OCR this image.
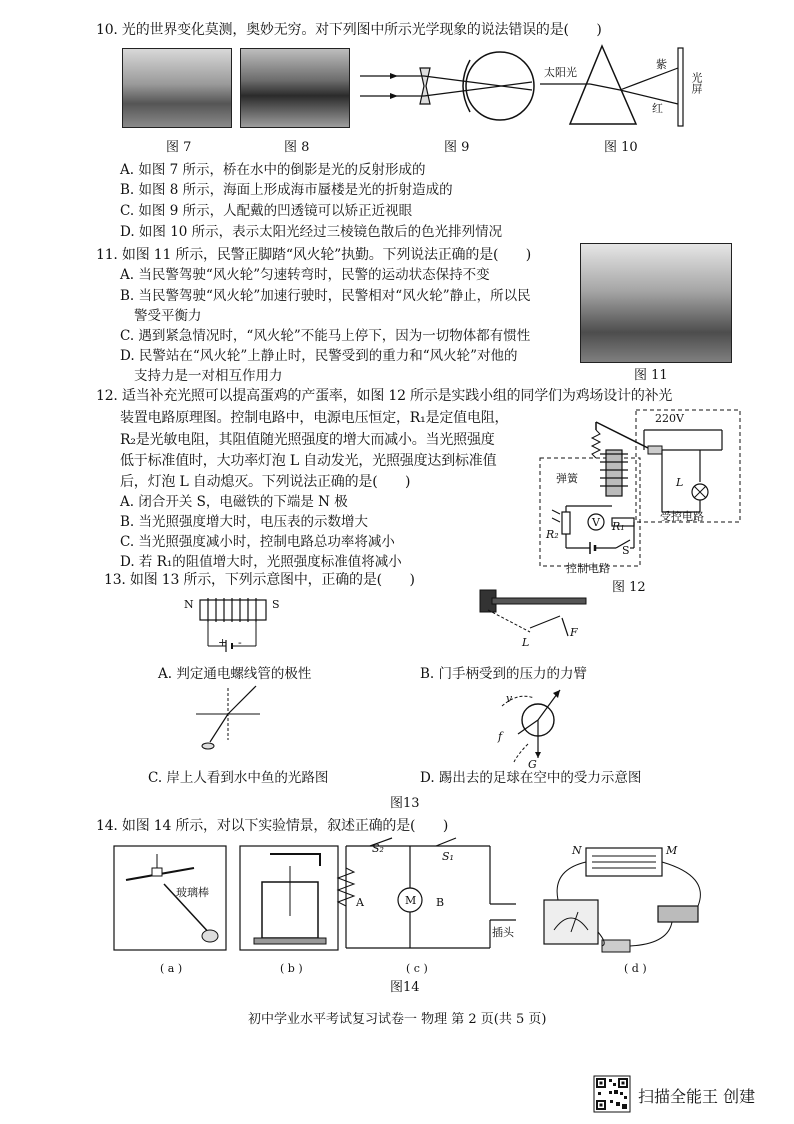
10. 光的世界变化莫测，奥妙无穷。对下列图中所示光学现象的说法错误的是(　　)
太阳光
紫
红
光屏
图 7	图 8	图 9	图 10
A. 如图 7 所示，桥在水中的倒影是光的反射形成的
B. 如图 8 所示，海面上形成海市蜃楼是光的折射造成的
C. 如图 9 所示，人配戴的凹透镜可以矫正近视眼
D. 如图 10 所示，表示太阳光经过三棱镜色散后的色光排列情况
11. 如图 11 所示，民警正脚踏“风火轮”执勤。下列说法正确的是(　　)
A. 当民警驾驶“风火轮”匀速转弯时，民警的运动状态保持不变
B. 当民警驾驶“风火轮”加速行驶时，民警相对“风火轮”静止，所以民
警受平衡力
C. 遇到紧急情况时，“风火轮”不能马上停下，因为一切物体都有惯性
D. 民警站在“风火轮”上静止时，民警受到的重力和“风火轮”对他的
支持力是一对相互作用力	图 11
12. 适当补充光照可以提高蛋鸡的产蛋率，如图 12 所示是实践小组的同学们为鸡场设计的补光
装置电路原理图。控制电路中，电源电压恒定，R₁是定值电阻，
R₂是光敏电阻，其阻值随光照强度的增大而减小。当光照强度
低于标准值时，大功率灯泡 L 自动发光，光照强度达到标准值
后，灯泡 L 自动熄灭。下列说法正确的是(　　)
A. 闭合开关 S，电磁铁的下端是 N 极
B. 当光照强度增大时，电压表的示数增大
C. 当光照强度减小时，控制电路总功率将减小
D. 若 R₁的阻值增大时，光照强度标准值将减小
220V
弹簧	L
受控电路
R₁
R₂
V
S
控制电路
图 12
13. 如图 13 所示，下列示意图中，正确的是(　　)
N	S
+ -	L
F
A. 判定通电螺线管的极性	B. 门手柄受到的压力的力臂
v
f
G
C. 岸上人看到水中鱼的光路图	D. 踢出去的足球在空中的受力示意图
图13
14. 如图 14 所示，对以下实验情景，叙述正确的是(　　)
玻璃棒
S₂
S₁
A	M B
插头
N	M
( a )	( b )	( c )	( d )
图14
初中学业水平考试复习试卷一 物理 第 2 页(共 5 页)
扫描全能王 创建
